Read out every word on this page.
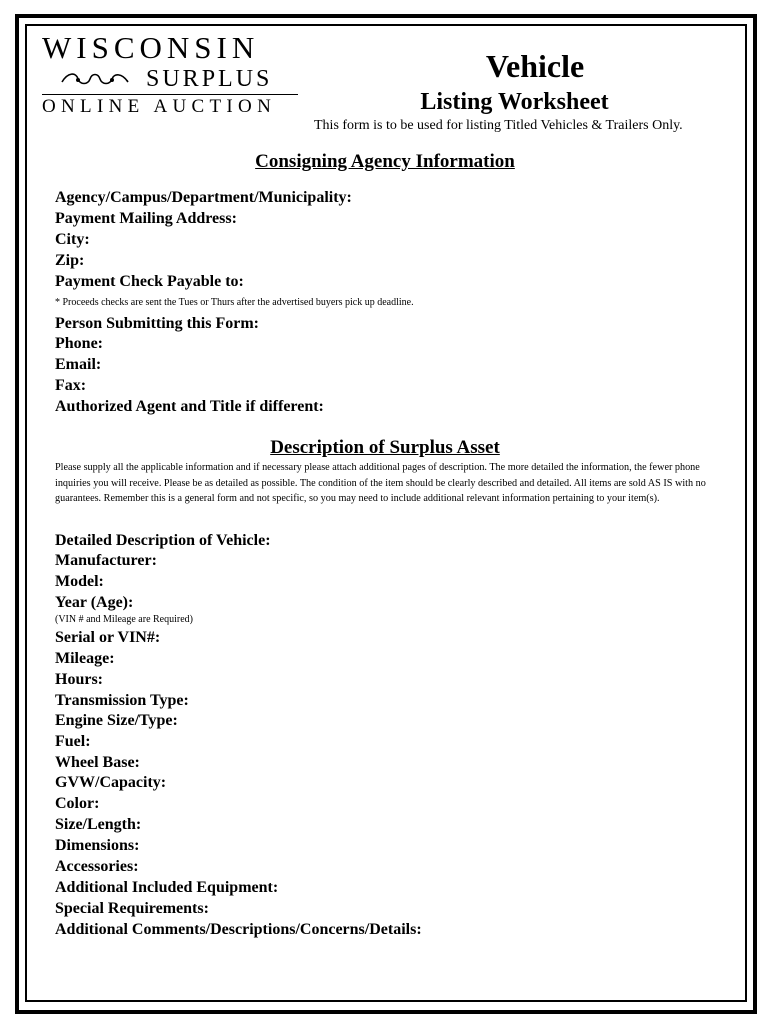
WISCONSIN
SURPLUS
ONLINE AUCTION
Vehicle
Listing Worksheet
This form is to be used for listing Titled Vehicles & Trailers Only.
Consigning Agency Information
Agency/Campus/Department/Municipality:
Payment Mailing Address:
City:
Zip:
Payment Check Payable to:
* Proceeds checks are sent the Tues or Thurs after the advertised buyers pick up deadline.
Person Submitting this Form:
Phone:
Email:
Fax:
Authorized Agent and Title if different:
Description of Surplus Asset
Please supply all the applicable information and if necessary please attach additional pages of description. The more detailed the information, the fewer phone inquiries you will receive. Please be as detailed as possible. The condition of the item should be clearly described and detailed. All items are sold AS IS with no guarantees. Remember this is a general form and not specific, so you may need to include additional relevant information pertaining to your item(s).
Detailed Description of Vehicle:
Manufacturer:
Model:
Year (Age):
(VIN # and Mileage are Required)
Serial or VIN#:
Mileage:
Hours:
Transmission Type:
Engine Size/Type:
Fuel:
Wheel Base:
GVW/Capacity:
Color:
Size/Length:
Dimensions:
Accessories:
Additional Included Equipment:
Special Requirements:
Additional Comments/Descriptions/Concerns/Details:
